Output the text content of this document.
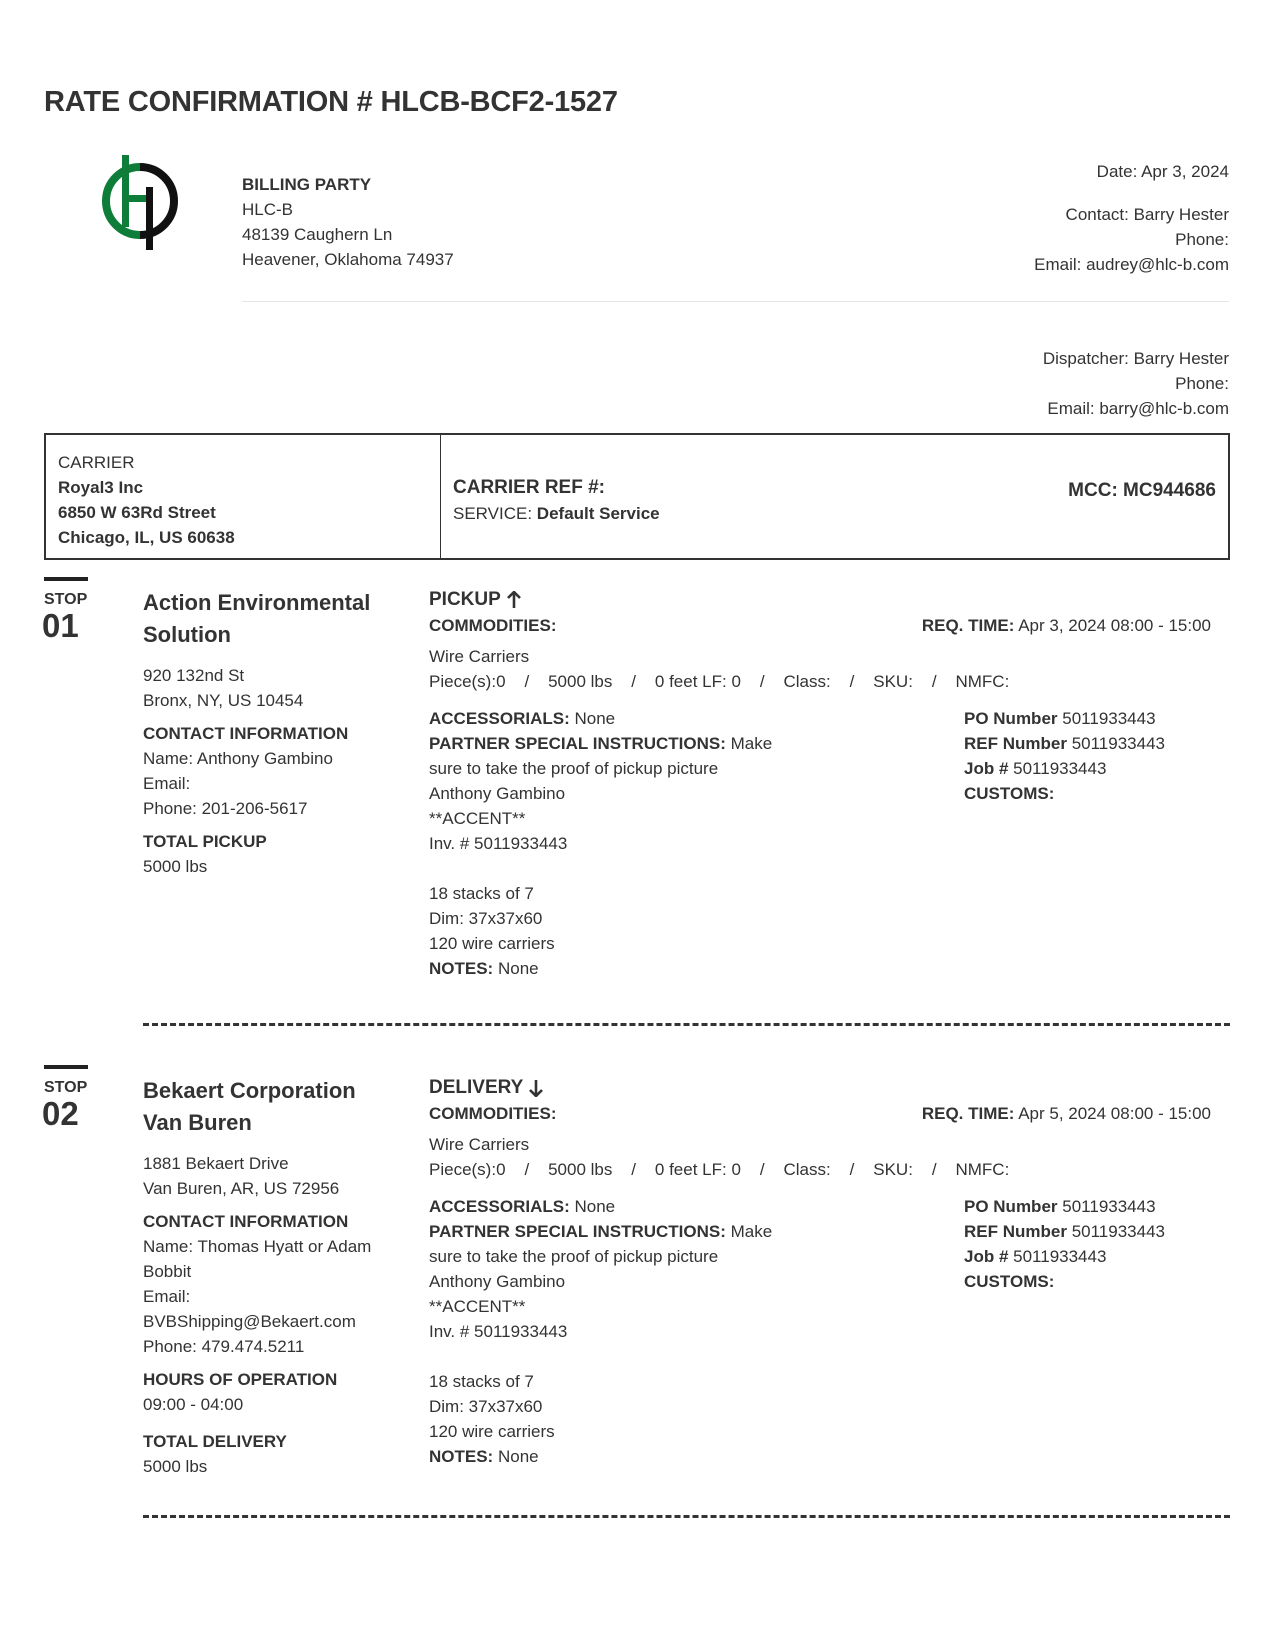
RATE CONFIRMATION # HLCB-BCF2-1527
BILLING PARTY
HLC-B
48139 Caughern Ln
Heavener, Oklahoma 74937
Date: Apr 3, 2024
Contact: Barry Hester
Phone:
Email: audrey@hlc-b.com
Dispatcher: Barry Hester
Phone:
Email: barry@hlc-b.com
CARRIER
Royal3 Inc
6850 W 63Rd Street
Chicago, IL, US 60638
CARRIER REF #:
SERVICE: Default Service
MCC: MC944686
STOP
01
Action Environmental
Solution
920 132nd St
Bronx, NY, US 10454
CONTACT INFORMATION
Name: Anthony Gambino
Email:
Phone: 201-206-5617
TOTAL PICKUP
5000 lbs
PICKUP
COMMODITIES:	REQ. TIME: Apr 3, 2024 08:00 - 15:00
Wire Carriers
Piece(s):0
/
5000 lbs
/
0 feet LF: 0
/
Class:
/
SKU:
/
NMFC:
ACCESSORIALS: None
PARTNER SPECIAL INSTRUCTIONS: Make
sure to take the proof of pickup picture
Anthony Gambino
**ACCENT**
Inv. # 5011933443
18 stacks of 7
Dim: 37x37x60
120 wire carriers
NOTES: None
PO Number 5011933443
REF Number 5011933443
Job # 5011933443
CUSTOMS:
STOP
02
Bekaert Corporation
Van Buren
1881 Bekaert Drive
Van Buren, AR, US 72956
CONTACT INFORMATION
Name: Thomas Hyatt or Adam
Bobbit
Email:
BVBShipping@Bekaert.com
Phone: 479.474.5211
HOURS OF OPERATION
09:00 - 04:00
TOTAL DELIVERY
5000 lbs
DELIVERY
COMMODITIES:	REQ. TIME: Apr 5, 2024 08:00 - 15:00
Wire Carriers
Piece(s):0
/
5000 lbs
/
0 feet LF: 0
/
Class:
/
SKU:
/
NMFC:
ACCESSORIALS: None
PARTNER SPECIAL INSTRUCTIONS: Make
sure to take the proof of pickup picture
Anthony Gambino
**ACCENT**
Inv. # 5011933443
18 stacks of 7
Dim: 37x37x60
120 wire carriers
NOTES: None
PO Number 5011933443
REF Number 5011933443
Job # 5011933443
CUSTOMS:
